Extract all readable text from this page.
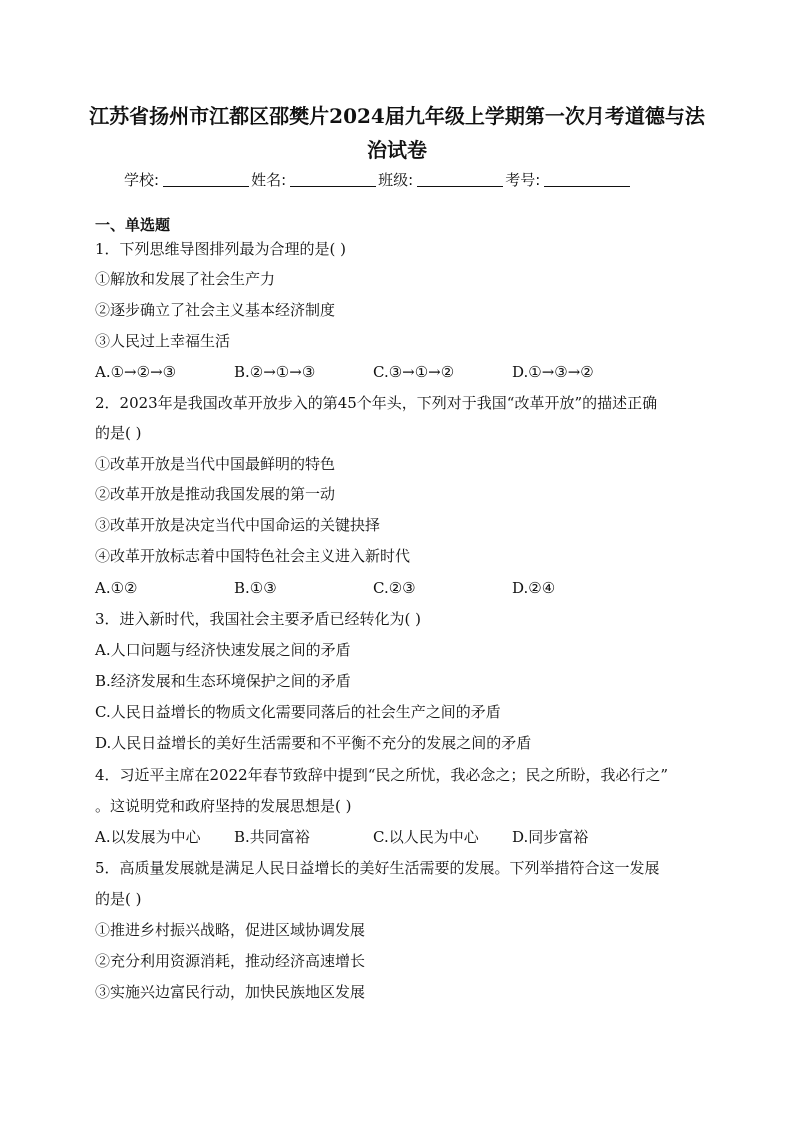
江苏省扬州市江都区邵樊片2024届九年级上学期第一次月考道德与法
治试卷
学校:	姓名:	班级:	考号:
一、单选题
1．下列思维导图排列最为合理的是( )
①解放和发展了社会生产力
②逐步确立了社会主义基本经济制度
③人民过上幸福生活
A.①→②→③	B.②→①→③	C.③→①→②	D.①→③→②
2．2023年是我国改革开放步入的第45个年头，下列对于我国“改革开放”的描述正确
的是( )
①改革开放是当代中国最鲜明的特色
②改革开放是推动我国发展的第一动
③改革开放是决定当代中国命运的关键抉择
④改革开放标志着中国特色社会主义进入新时代
A.①②	B.①③	C.②③	D.②④
3．进入新时代，我国社会主要矛盾已经转化为( )
A.人口问题与经济快速发展之间的矛盾
B.经济发展和生态环境保护之间的矛盾
C.人民日益增长的物质文化需要同落后的社会生产之间的矛盾
D.人民日益增长的美好生活需要和不平衡不充分的发展之间的矛盾
4．习近平主席在2022年春节致辞中提到“民之所忧，我必念之；民之所盼，我必行之”
。这说明党和政府坚持的发展思想是( )
A.以发展为中心 B.共同富裕	C.以人民为中心 D.同步富裕
5．高质量发展就是满足人民日益增长的美好生活需要的发展。下列举措符合这一发展
的是( )
①推进乡村振兴战略，促进区域协调发展
②充分利用资源消耗，推动经济高速增长
③实施兴边富民行动，加快民族地区发展
